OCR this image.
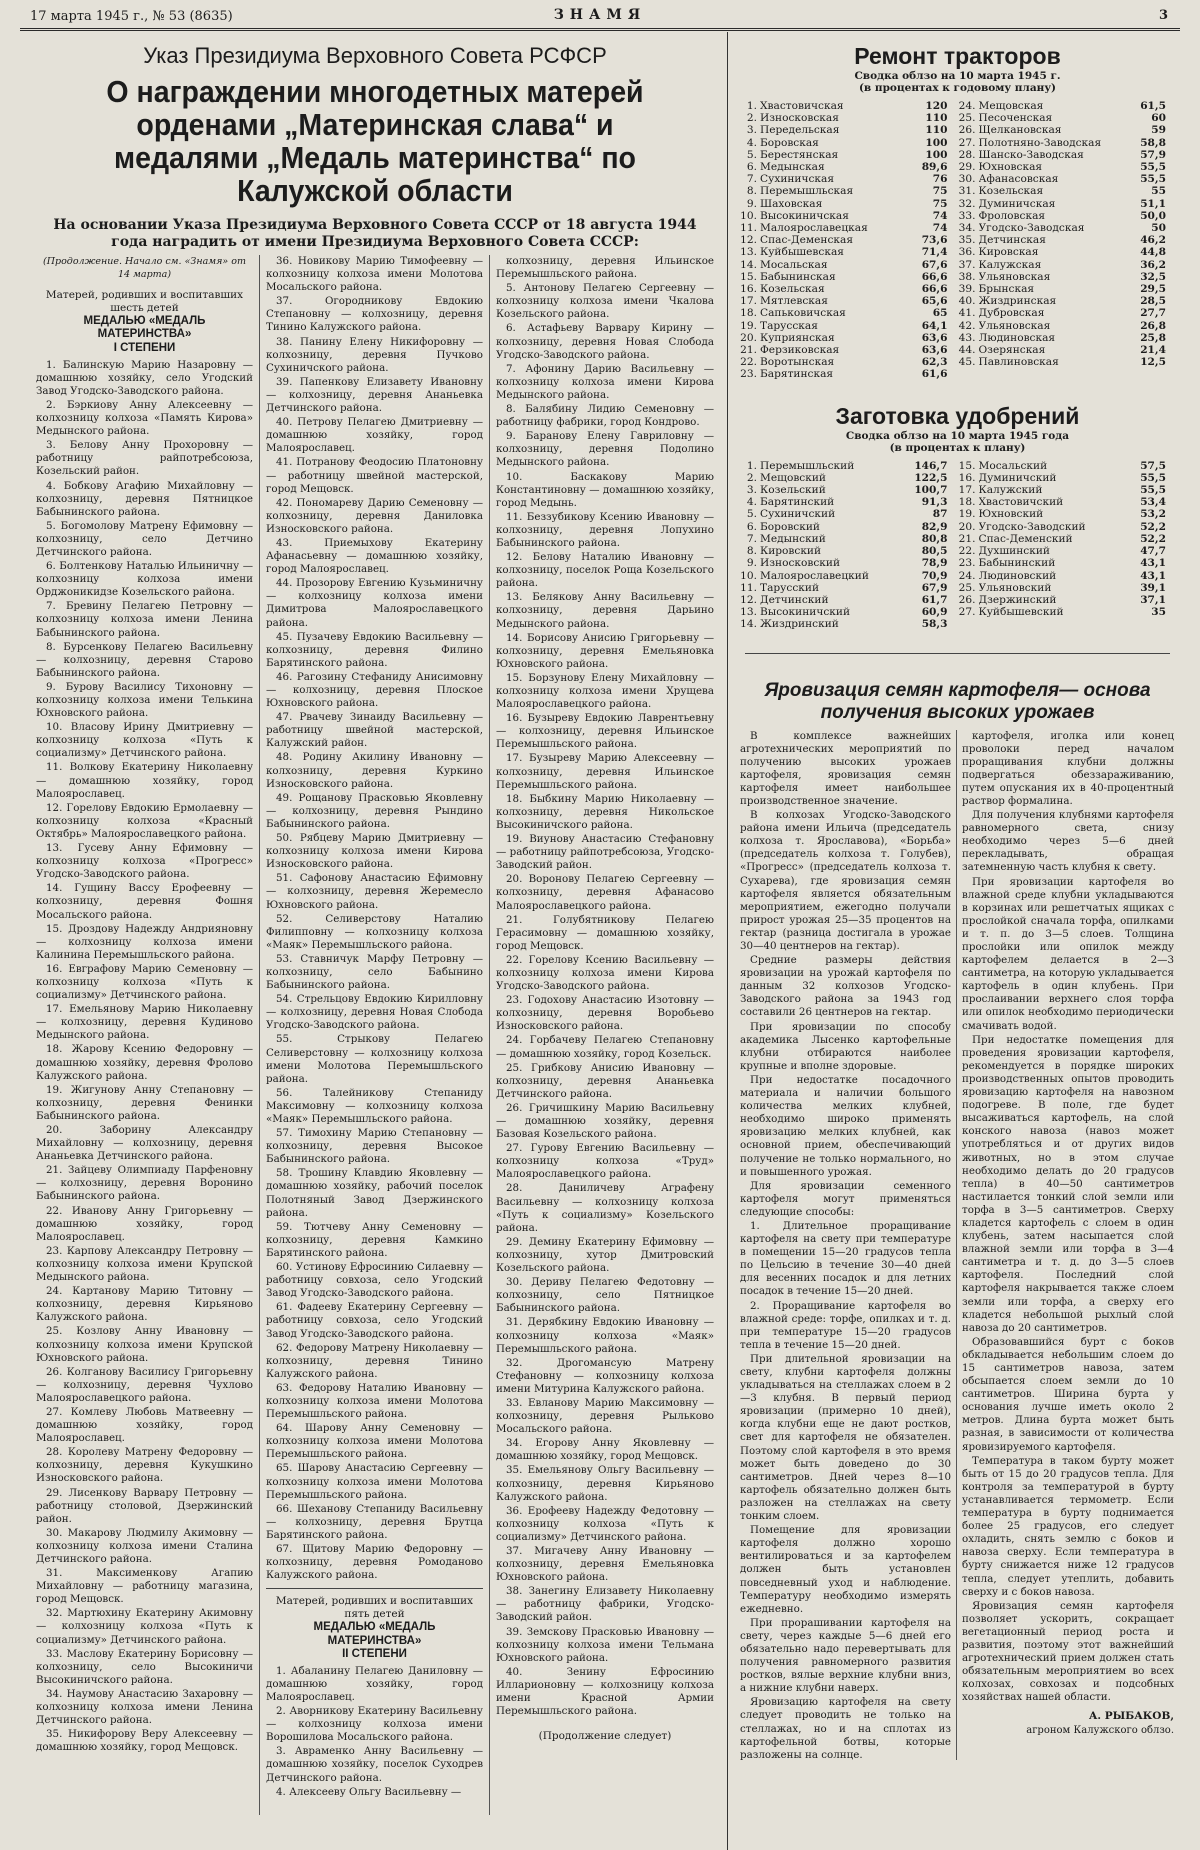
17 марта 1945 г., № 53 (8635)	ЗНАМЯ	3
Указ Президиума Верховного Совета РСФСР
О награждении многодетных матерей орденами „Материнская слава“ и медалями „Медаль материнства“ по Калужской области
На основании Указа Президиума Верховного Совета СССР от 18 августа 1944 года наградить от имени Президиума Верховного Совета СССР:

(Продолжение. Начало см. «Знамя» от 14 марта)

Матерей, родивших и воспитавших шесть детей

МЕДАЛЬЮ «МЕДАЛЬ МАТЕРИНСТВА»

I СТЕПЕНИ

1. Балинскую Марию Назаровну — домашнюю хозяйку, село Угодский Завод Угодско-Заводского района.

2. Бэркиову Анну Алексеевну — колхозницу колхоза «Память Кирова» Медынского района.

3. Белову Анну Прохоровну — работницу райпотребсоюза, Козельский район.

4. Бобкову Агафию Михайловну — колхозницу, деревня Пятницкое Бабынинского района.

5. Богомолову Матрену Ефимовну — колхозницу, село Детчино Детчинского района.

6. Болтенкову Наталью Ильиничну — колхозницу колхоза имени Орджоникидзе Козельского района.

7. Бревину Пелагею Петровну — колхозницу колхоза имени Ленина Бабынинского района.

8. Бурсенкову Пелагею Васильевну — колхозницу, деревня Старово Бабынинского района.

9. Бурову Василису Тихоновну — колхозницу колхоза имени Телькина Юхновского района.

10. Власову Ирину Дмитриевну — колхозницу колхоза «Путь к социализму» Детчинского района.

11. Волкову Екатерину Николаевну — домашнюю хозяйку, город Малоярославец.

12. Горелову Евдокию Ермолаевну — колхозницу колхоза «Красный Октябрь» Малоярославецкого района.

13. Гусеву Анну Ефимовну — колхозницу колхоза «Прогресс» Угодско-Заводского района.

14. Гущину Вассу Ерофеевну — колхозницу, деревня Фошня Мосальского района.

15. Дроздову Надежду Андрияновну — колхозницу колхоза имени Калинина Перемышльского района.

16. Евграфову Марию Семеновну — колхозницу колхоза «Путь к социализму» Детчинского района.

17. Емельянову Марию Николаевну — колхозницу, деревня Кудиново Медынского района.

18. Жарову Ксению Федоровну — домашнюю хозяйку, деревня Фролово Калужского района.

19. Жигунову Анну Степановну — колхозницу, деревня Фенинки Бабынинского района.

20. Заборину Александру Михайловну — колхозницу, деревня Ананьевка Детчинского района.

21. Зайцеву Олимпиаду Парфеновну — колхозницу, деревня Воронино Бабынинского района.

22. Иванову Анну Григорьевну — домашнюю хозяйку, город Малоярославец.

23. Карпову Александру Петровну — колхозницу колхоза имени Крупской Медынского района.

24. Картанову Марию Титовну — колхозницу, деревня Кирьяново Калужского района.

25. Козлову Анну Ивановну — колхозницу колхоза имени Крупской Юхновского района.

26. Колганову Василису Григорьевну — колхозницу, деревня Чухлово Малоярославецкого района.

27. Комлеву Любовь Матвеевну — домашнюю хозяйку, город Малоярославец.

28. Королеву Матрену Федоровну — колхозницу, деревня Кукушкино Износковского района.

29. Лисенкову Варвару Петровну — работницу столовой, Дзержинский район.

30. Макарову Людмилу Акимовну — колхозницу колхоза имени Сталина Детчинского района.

31. Максименкову Агапию Михайловну — работницу магазина, город Мещовск.

32. Мартюхину Екатерину Акимовну — колхозницу колхоза «Путь к социализму» Детчинского района.

33. Маслову Екатерину Борисовну — колхозницу, село Высокиничи Высокиничского района.

34. Наумову Анастасию Захаровну — колхозницу колхоза имени Ленина Детчинского района.

35. Никифорову Веру Алексеевну — домашнюю хозяйку, город Мещовск.

36. Новикову Марию Тимофеевну — колхозницу колхоза имени Молотова Мосальского района.

37. Огородникову Евдокию Степановну — колхозницу, деревня Тинино Калужского района.

38. Панину Елену Никифоровну — колхозницу, деревня Пучково Сухиничского района.

39. Папенкову Елизавету Ивановну — колхозницу, деревня Ананьевка Детчинского района.

40. Петрову Пелагею Дмитриевну — домашнюю хозяйку, город Малоярославец.

41. Потранову Феодосию Платоновну — работницу швейной мастерской, город Мещовск.

42. Пономареву Дарию Семеновну — колхозницу, деревня Даниловка Износковского района.

43. Приемыхову Екатерину Афанасьевну — домашнюю хозяйку, город Малоярославец.

44. Прозорову Евгению Кузьминичну — колхозницу колхоза имени Димитрова Малоярославецкого района.

45. Пузачеву Евдокию Васильевну — колхозницу, деревня Филино Барятинского района.

46. Рагозину Стефаниду Анисимовну — колхозницу, деревня Плоское Юхновского района.

47. Рвачеву Зинаиду Васильевну — работницу швейной мастерской, Калужский район.

48. Родину Акилину Ивановну — колхозницу, деревня Куркино Износковского района.

49. Рощанову Прасковью Яковлевну — колхозницу, деревня Рындино Бабынинского района.

50. Рябцеву Марию Дмитриевну — колхозницу колхоза имени Кирова Износковского района.

51. Сафонову Анастасию Ефимовну — колхозницу, деревня Жеремесло Юхновского района.

52. Селиверстову Наталию Филипповну — колхозницу колхоза «Маяк» Перемышльского района.

53. Ставничук Марфу Петровну — колхозницу, село Бабынино Бабынинского района.

54. Стрельцову Евдокию Кирилловну — колхозницу, деревня Новая Слобода Угодско-Заводского района.

55. Стрыкову Пелагею Селиверстовну — колхозницу колхоза имени Молотова Перемышльского района.

56. Талейникову Степаниду Максимовну — колхозницу колхоза «Маяк» Перемышльского района.

57. Тимохину Марию Степановну — колхозницу, деревня Высокое Бабынинского района.

58. Трошину Клавдию Яковлевну — домашнюю хозяйку, рабочий поселок Полотняный Завод Дзержинского района.

59. Тютчеву Анну Семеновну — колхозницу, деревня Камкино Барятинского района.

60. Устинову Ефросинию Силаевну — работницу совхоза, село Угодский Завод Угодско-Заводского района.

61. Фадееву Екатерину Сергеевну — работницу совхоза, село Угодский Завод Угодско-Заводского района.

62. Федорову Матрену Николаевну — колхозницу, деревня Тинино Калужского района.

63. Федорову Наталию Ивановну — колхозницу колхоза имени Молотова Перемышльского района.

64. Шарову Анну Семеновну — колхозницу колхоза имени Молотова Перемышльского района.

65. Шарову Анастасию Сергеевну — колхозницу колхоза имени Молотова Перемышльского района.

66. Шеханову Степаниду Васильевну — колхозницу, деревня Брутца Барятинского района.

67. Щитову Марию Федоровну — колхозницу, деревня Ромоданово Калужского района.

Матерей, родивших и воспитавших пять детей

МЕДАЛЬЮ «МЕДАЛЬ МАТЕРИНСТВА»

II СТЕПЕНИ

1. Абаланину Пелагею Даниловну — домашнюю хозяйку, город Малоярославец.

2. Аворникову Екатерину Васильевну — колхозницу колхоза имени Ворошилова Мосальского района.

3. Авраменко Анну Васильевну — домашнюю хозяйку, поселок Суходрев Детчинского района.

4. Алексееву Ольгу Васильевну —

колхозницу, деревня Ильинское Перемышльского района.

5. Антонову Пелагею Сергеевну — колхозницу колхоза имени Чкалова Козельского района.

6. Астафьеву Варвару Кирину — колхозницу, деревня Новая Слобода Угодско-Заводского района.

7. Афонину Дарию Васильевну — колхозницу колхоза имени Кирова Медынского района.

8. Балябину Лидию Семеновну — работницу фабрики, город Кондрово.

9. Баранову Елену Гавриловну — колхозницу, деревня Подолино Медынского района.

10. Баскакову Марию Константиновну — домашнюю хозяйку, город Медынь.

11. Беззубикову Ксению Ивановну — колхозницу, деревня Лопухино Бабынинского района.

12. Белову Наталию Ивановну — колхозницу, поселок Роща Козельского района.

13. Белякову Анну Васильевну — колхозницу, деревня Дарьино Медынского района.

14. Борисову Анисию Григорьевну — колхозницу, деревня Емельяновка Юхновского района.

15. Борзунову Елену Михайловну — колхозницу колхоза имени Хрущева Малоярославецкого района.

16. Бузыреву Евдокию Лаврентьевну — колхозницу, деревня Ильинское Перемышльского района.

17. Бузыреву Марию Алексеевну — колхозницу, деревня Ильинское Перемышльского района.

18. Быбкину Марию Николаевну — колхозницу, деревня Никольское Высокиничского района.

19. Виунову Анастасию Стефановну — работницу райпотребсоюза, Угодско-Заводский район.

20. Воронову Пелагею Сергеевну — колхозницу, деревня Афанасово Малоярославецкого района.

21. Голубятникову Пелагею Герасимовну — домашнюю хозяйку, город Мещовск.

22. Горелову Ксению Васильевну — колхозницу колхоза имени Кирова Угодско-Заводского района.

23. Годохову Анастасию Изотовну — колхозницу, деревня Воробьево Износковского района.

24. Горбачеву Пелагею Степановну — домашнюю хозяйку, город Козельск.

25. Грибкову Анисию Ивановну — колхозницу, деревня Ананьевка Детчинского района.

26. Гричишкину Марию Васильевну — домашнюю хозяйку, деревня Базовая Козельского района.

27. Гурову Евгению Васильевну — колхозницу колхоза «Труд» Малоярославецкого района.

28. Даниличеву Аграфену Васильевну — колхозницу колхоза «Путь к социализму» Козельского района.

29. Демину Екатерину Ефимовну — колхозницу, хутор Дмитровский Козельского района.

30. Дериву Пелагею Федотовну — колхозницу, село Пятницкое Бабынинского района.

31. Дерябкину Евдокию Ивановну — колхозницу колхоза «Маяк» Перемышльского района.

32. Дрогомансую Матрену Стефановну — колхозницу колхоза имени Митурина Калужского района.

33. Евланову Марию Максимовну — колхозницу, деревня Рыльково Мосальского района.

34. Егорову Анну Яковлевну — домашнюю хозяйку, город Мещовск.

35. Емельянову Ольгу Васильевну — колхозницу, деревня Кирьяново Калужского района.

36. Ерофееву Надежду Федотовну — колхозницу колхоза «Путь к социализму» Детчинского района.

37. Мигачеву Анну Ивановну — колхозницу, деревня Емельяновка Юхновского района.

38. Занегину Елизавету Николаевну — работницу фабрики, Угодско-Заводский район.

39. Земскову Прасковью Ивановну — колхозницу колхоза имени Тельмана Юхновского района.

40. Зенину Ефросинию Илларионовну — колхозницу колхоза имени Красной Армии Перемышльского района.

(Продолжение следует)
Ремонт тракторов
Сводка облзо на 10 марта 1945 г.
(в процентах к годовому плану)
1. Хвастовичская	120
2. Износковская	110
3. Передельская	110
4. Боровская	100
5. Берестянская	100
6. Медынская	89,6
7. Сухиничская	76
8. Перемышльская	75
9. Шаховская	75
10. Высокиничская	74
11. Малоярославецкая	74
12. Спас-Деменская	73,6
13. Куйбышевская	71,4
14. Мосальская	67,6
15. Бабынинская	66,6
16. Козельская	66,6
17. Мятлевская	65,6
18. Сапьковичская	65
19. Тарусская	64,1
20. Куприянская	63,6
21. Ферзиковская	63,6
22. Воротынская	62,3
23. Барятинская	61,6
24. Мещовская	61,5
25. Песоченская	60
26. Щелкановская	59
27. Полотняно-Заводская	58,8
28. Шанско-Заводская	57,9
29. Юхновская	55,5
30. Афанасовская	55,5
31. Козельская	55
32. Думиничская	51,1
33. Фроловская	50,0
34. Угодско-Заводская	50
35. Детчинская	46,2
36. Кировская	44,8
37. Калужская	36,2
38. Ульяновская	32,5
39. Брынская	29,5
40. Жиздринская	28,5
41. Дубровская	27,7
42. Ульяновская	26,8
43. Людиновская	25,8
44. Озерянская	21,4
45. Павлиновская	12,5
Заготовка удобрений
Сводка облзо на 10 марта 1945 года
(в процентах к плану)
1. Перемышльский	146,7
2. Мещовский	122,5
3. Козельский	100,7
4. Барятинский	91,3
5. Сухиничский	87
6. Боровский	82,9
7. Медынский	80,8
8. Кировский	80,5
9. Износковский	78,9
10. Малоярославецкий	70,9
11. Тарусский	67,9
12. Детчинский	61,7
13. Высокиничский	60,9
14. Жиздринский	58,3
15. Мосальский	57,5
16. Думиничский	55,5
17. Калужский	55,5
18. Хвастовичский	53,4
19. Юхновский	53,2
20. Угодско-Заводский	52,2
21. Спас-Деменский	52,2
22. Духшинский	47,7
23. Бабынинский	43,1
24. Людиновский	43,1
25. Ульяновский	39,1
26. Дзержинский	37,1
27. Куйбышевский	35
Яровизация семян картофеля— основа получения высоких урожаев

В комплексе важнейших агротехнических мероприятий по получению высоких урожаев картофеля, яровизация семян картофеля имеет наибольшее производственное значение.

В колхозах Угодско-Заводского района имени Ильича (председатель колхоза т. Ярославова), «Борьба» (председатель колхоза т. Голубев), «Прогресс» (председатель колхоза т. Сухарева), где яровизация семян картофеля является обязательным мероприятием, ежегодно получали прирост урожая 25—35 процентов на гектар (разница достигала в урожае 30—40 центнеров на гектар).

Средние размеры действия яровизации на урожай картофеля по данным 32 колхозов Угодско-Заводского района за 1943 год составили 26 центнеров на гектар.

При яровизации по способу академика Лысенко картофельные клубни отбираются наиболее крупные и вполне здоровые.

При недостатке посадочного материала и наличии большого количества мелких клубней, необходимо широко применять яровизацию мелких клубней, как основной прием, обеспечивающий получение не только нормального, но и повышенного урожая.

Для яровизации семенного картофеля могут применяться следующие способы:

1. Длительное проращивание картофеля на свету при температуре в помещении 15—20 градусов тепла по Цельсию в течение 30—40 дней для весенних посадок и для летних посадок в течение 15—20 дней.

2. Проращивание картофеля во влажной среде: торфе, опилках и т. д. при температуре 15—20 градусов тепла в течение 15—20 дней.

При длительной яровизации на свету, клубни картофеля должны укладываться на стеллажах слоем в 2—3 клубня. В первый период яровизации (примерно 10 дней), когда клубни еще не дают ростков, свет для картофеля не обязателен. Поэтому слой картофеля в это время может быть доведено до 30 сантиметров. Дней через 8—10 картофель обязательно должен быть разложен на стеллажах на свету тонким слоем.

Помещение для яровизации картофеля должно хорошо вентилироваться и за картофелем должен быть установлен повседневный уход и наблюдение. Температуру необходимо измерять ежедневно.

При прорашивании картофеля на свету, через каждые 5—6 дней его обязательно надо перевертывать для получения равномерного развития ростков, вялые верхние клубни вниз, а нижние клубни наверх.

Яровизацию картофеля на свету следует проводить не только на стеллажах, но и на сплотах из картофельной ботвы, которые разложены на солнце.

картофеля, иголка или конец проволоки перед началом проращивания клубни должны подвергаться обеззараживанию, путем опускания их в 40-процентный раствор формалина.

Для получения клубнями картофеля равномерного света, снизу необходимо через 5—6 дней перекладывать, обращая затемненную часть клубня к свету.

При яровизации картофеля во влажной среде клубни укладываются в корзинах или решетчатых ящиках с прослойкой сначала торфа, опилками и т. п. до 3—5 слоев. Толщина прослойки или опилок между картофелем делается в 2—3 сантиметра, на которую укладывается картофель в один клубень. При прослаивании верхнего слоя торфа или опилок необходимо периодически смачивать водой.

При недостатке помещения для проведения яровизации картофеля, рекомендуется в порядке широких производственных опытов проводить яровизацию картофеля на навозном подогреве. В поле, где будет высаживаться картофель, на слой конского навоза (навоз может употребляться и от других видов животных, но в этом случае необходимо делать до 20 градусов тепла) в 40—50 сантиметров настилается тонкий слой земли или торфа в 3—5 сантиметров. Сверху кладется картофель с слоем в один клубень, затем насыпается слой влажной земли или торфа в 3—4 сантиметра и т. д. до 3—5 слоев картофеля. Последний слой картофеля накрывается также слоем земли или торфа, а сверху его кладется небольшой рыхлый слой навоза до 20 сантиметров.

Образовавшийся бурт с боков обкладывается небольшим слоем до 15 сантиметров навоза, затем обсыпается слоем земли до 10 сантиметров. Ширина бурта у основания лучше иметь около 2 метров. Длина бурта может быть разная, в зависимости от количества яровизируемого картофеля.

Температура в таком бурту может быть от 15 до 20 градусов тепла. Для контроля за температурой в бурту устанавливается термометр. Если температура в бурту поднимается более 25 градусов, его следует охладить, снять землю с боков и навоза сверху. Если температура в бурту снижается ниже 12 градусов тепла, следует утеплить, добавить сверху и с боков навоза.

Яровизация семян картофеля позволяет ускорить, сокращает вегетационный период роста и развития, поэтому этот важнейший агротехнический прием должен стать обязательным мероприятием во всех колхозах, совхозах и подсобных хозяйствах нашей области.

А. РЫБАКОВ,
агроном Калужского облзо.
